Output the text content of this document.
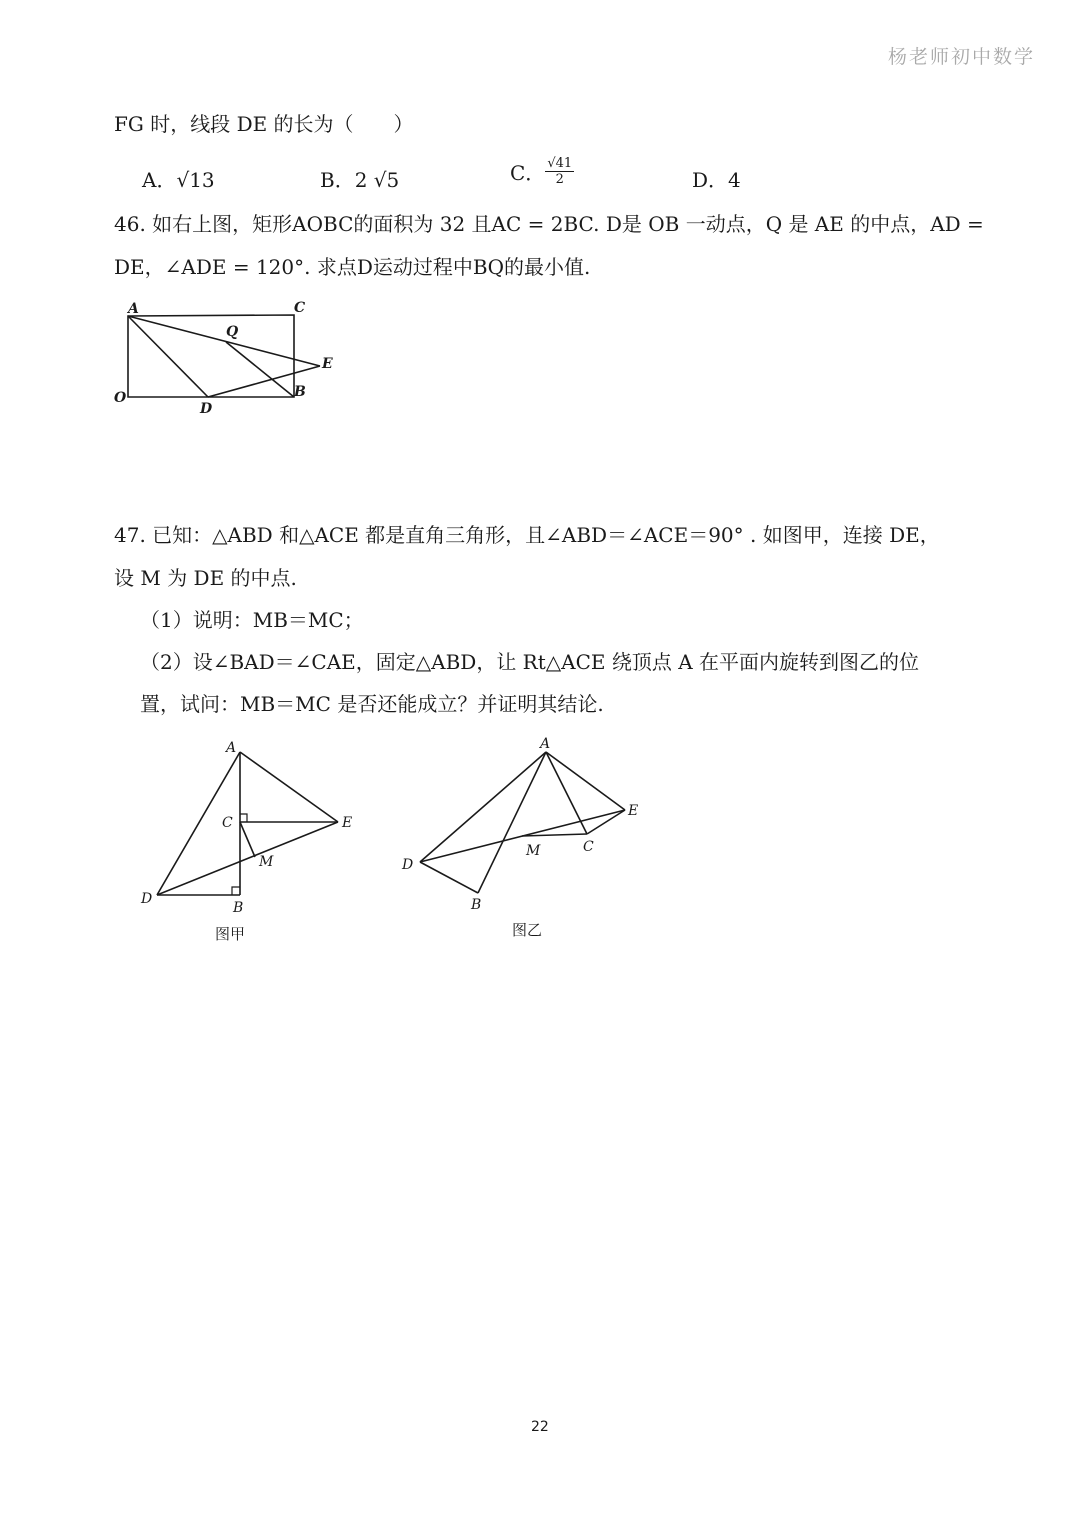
杨老师初中数学
FG 时，线段 DE 的长为（　　）
A．√13	B．2 √5	C． $\frac{√41}{2}$	D．4
46. 如右上图，矩形AOBC的面积为 32 且AC = 2BC. D是 OB 一动点，Q 是 AE 的中点，AD =
DE，∠ADE = 120°. 求点D运动过程中BQ的最小值.
A	C
Q
E
O
D
B
47. 已知：△ABD 和△ACE 都是直角三角形，且∠ABD＝∠ACE＝90° . 如图甲，连接 DE，
设 M 为 DE 的中点.
（1）说明：MB＝MC；
（2）设∠BAD＝∠CAE，固定△ABD，让 Rt△ACE 绕顶点 A 在平面内旋转到图乙的位
置，试问：MB＝MC 是否还能成立？并证明其结论.
A
C	E
M
D
B
图甲
A
E
M	C
D
B
图乙
22
